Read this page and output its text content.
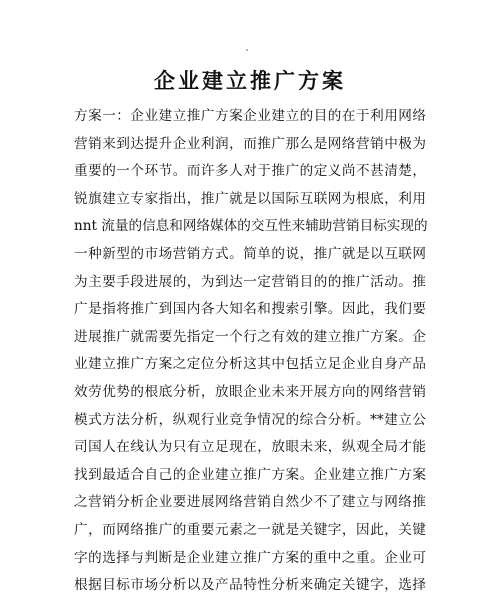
企业建立推广方案
方案一：企业建立推广方案企业建立的目的在于利用网络
营销来到达提升企业利润，而推广那么是网络营销中极为
重要的一个环节。而许多人对于推广的定义尚不甚清楚，
锐旗建立专家指出，推广就是以国际互联网为根底，利用
nnt 流量的信息和网络媒体的交互性来辅助营销目标实现的
一种新型的市场营销方式。简单的说，推广就是以互联网
为主要手段进展的，为到达一定营销目的的推广活动。推
广是指将推广到国内各大知名和搜索引擎。因此，我们要
进展推广就需要先指定一个行之有效的建立推广方案。企
业建立推广方案之定位分析这其中包括立足企业自身产品
效劳优势的根底分析，放眼企业未来开展方向的网络营销
模式方法分析，纵观行业竞争情况的综合分析。**建立公
司国人在线认为只有立足现在，放眼未来，纵观全局才能
找到最适合自己的企业建立推广方案。企业建立推广方案
之营销分析企业要进展网络营销自然少不了建立与网络推
广，而网络推广的重要元素之一就是关键字，因此，关键
字的选择与判断是企业建立推广方案的重中之重。企业可
根据目标市场分析以及产品特性分析来确定关键字，选择
